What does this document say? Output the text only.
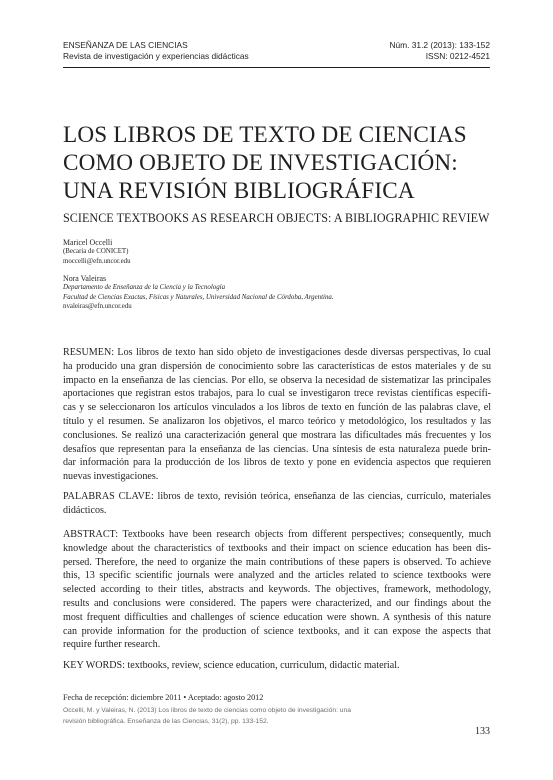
ENSEÑANZA DE LAS CIENCIAS
Revista de investigación y experiencias didácticas
Núm. 31.2 (2013): 133-152
ISSN: 0212-4521
LOS LIBROS DE TEXTO DE CIENCIAS
COMO OBJETO DE INVESTIGACIÓN:
UNA REVISIÓN BIBLIOGRÁFICA
SCIENCE TEXTBOOKS AS RESEARCH OBJECTS: A BIBLIOGRAPHIC REVIEW
Maricel Occelli
(Becaria de CONICET)
moccelli@efn.uncor.edu
Nora Valeiras
Departamento de Enseñanza de la Ciencia y la Tecnología
Facultad de Ciencias Exactas, Físicas y Naturales, Universidad Nacional de Córdoba, Argentina.
nvaleiras@efn.uncor.edu
RESUMEN: Los libros de texto han sido objeto de investigaciones desde diversas perspectivas, lo cual
ha producido una gran dispersión de conocimiento sobre las características de estos materiales y de su
impacto en la enseñanza de las ciencias. Por ello, se observa la necesidad de sistematizar las principales
aportaciones que registran estos trabajos, para lo cual se investigaron trece revistas científicas específi-
cas y se seleccionaron los artículos vinculados a los libros de texto en función de las palabras clave, el
título y el resumen. Se analizaron los objetivos, el marco teórico y metodológico, los resultados y las
conclusiones. Se realizó una caracterización general que mostrara las dificultades más frecuentes y los
desafíos que representan para la enseñanza de las ciencias. Una síntesis de esta naturaleza puede brin-
dar información para la producción de los libros de texto y pone en evidencia aspectos que requieren
nuevas investigaciones.
PALABRAS CLAVE: libros de texto, revisión teórica, enseñanza de las ciencias, currículo, materiales
didácticos.
ABSTRACT: Textbooks have been research objects from different perspectives; consequently, much
knowledge about the characteristics of textbooks and their impact on science education has been dis-
persed. Therefore, the need to organize the main contributions of these papers is observed. To achieve
this, 13 specific scientific journals were analyzed and the articles related to science textbooks were
selected according to their titles, abstracts and keywords. The objectives, framework, methodology,
results and conclusions were considered. The papers were characterized, and our findings about the
most frequent difficulties and challenges of science education were shown. A synthesis of this nature
can provide information for the production of science textbooks, and it can expose the aspects that
require further research.
KEY WORDS: textbooks, review, science education, curriculum, didactic material.
Fecha de recepción: diciembre 2011 • Aceptado: agosto 2012
Occelli, M. y Valeiras, N. (2013) Los libros de texto de ciencias como objeto de investigación: una
revisión bibliográfica. Enseñanza de las Ciencias, 31(2), pp. 133-152.
133
